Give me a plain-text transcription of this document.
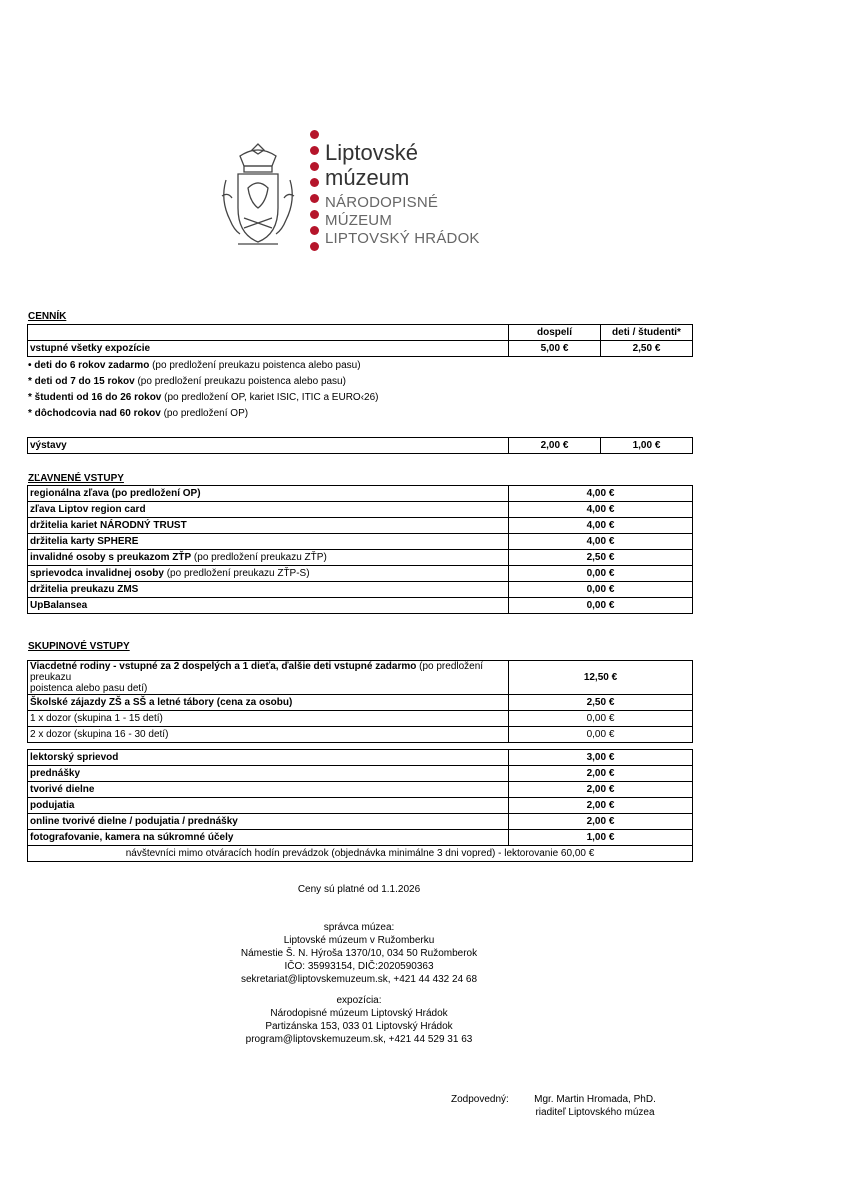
Liptovské
múzeum
NÁRODOPISNÉ
MÚZEUM
LIPTOVSKÝ HRÁDOK
CENNÍK
	dospelí	deti / študenti*
vstupné všetky expozície	5,00 €	2,50 €
• deti do 6 rokov zadarmo (po predložení preukazu poistenca alebo pasu)
* deti od 7 do 15 rokov (po predložení preukazu poistenca alebo pasu)
* študenti od 16 do 26 rokov (po predložení OP, kariet ISIC, ITIC a EURO‹26)
* dôchodcovia nad 60 rokov (po predložení OP)
výstavy	2,00 €	1,00 €
ZĽAVNENÉ VSTUPY
regionálna zľava (po predložení OP)	4,00 €
zľava Liptov region card	4,00 €
držitelia kariet NÁRODNÝ TRUST	4,00 €
držitelia karty SPHERE	4,00 €
invalidné osoby s preukazom ZŤP (po predložení preukazu ZŤP)	2,50 €
sprievodca invalidnej osoby (po predložení preukazu ZŤP-S)	0,00 €
držitelia preukazu ZMS	0,00 €
UpBalansea	0,00 €
SKUPINOVÉ VSTUPY
Viacdetné rodiny - vstupné za 2 dospelých a 1 dieťa, ďalšie deti vstupné zadarmo (po predložení preukazu
poistenca alebo pasu detí)	12,50 €
Školské zájazdy ZŠ a SŠ a letné tábory (cena za osobu)	2,50 €
1 x dozor (skupina 1 - 15 detí)	0,00 €
2 x dozor (skupina 16 - 30 detí)	0,00 €
lektorský sprievod	3,00 €
prednášky	2,00 €
tvorivé dielne	2,00 €
podujatia	2,00 €
online tvorivé dielne / podujatia / prednášky	2,00 €
fotografovanie, kamera na súkromné účely	1,00 €
návštevníci mimo otváracích hodín prevádzok (objednávka minimálne 3 dni vopred) - lektorovanie 60,00 €	
Ceny sú platné od 1.1.2026
správca múzea:
Liptovské múzeum v Ružomberku
Námestie Š. N. Hýroša 1370/10, 034 50 Ružomberok
IČO: 35993154, DIČ:2020590363
sekretariat@liptovskemuzeum.sk, +421 44 432 24 68
expozícia:
Národopisné múzeum Liptovský Hrádok
Partizánska 153, 033 01 Liptovský Hrádok
program@liptovskemuzeum.sk, +421 44 529 31 63
Zodpovedný:	Mgr. Martin Hromada, PhD.
riaditeľ Liptovského múzea
